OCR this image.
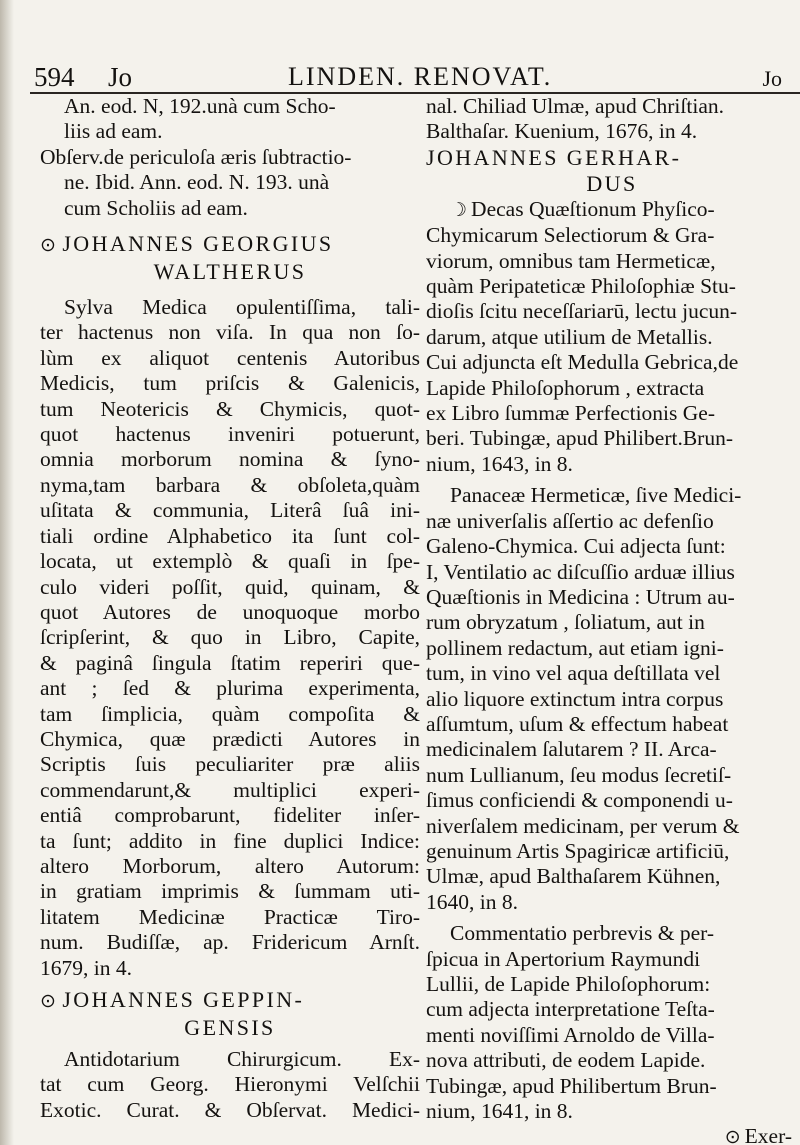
594 Jo	LINDEN. RENOVAT.	Jo
An. eod. N, 192.unà cum Scho-
liis ad eam.
Obſerv.de periculoſa æris ſubtractio-
ne. Ibid. Ann. eod. N. 193. unà
cum Scholiis ad eam.
⊙ JOHANNES GEORGIUS
WALTHERUS
Sylva Medica opulentiſſima, tali-
ter hactenus non viſa. In qua non ſo-
lùm ex aliquot centenis Autoribus
Medicis, tum priſcis & Galenicis,
tum Neotericis & Chymicis, quot-
quot hactenus inveniri potuerunt,
omnia morborum nomina & ſyno-
nyma,tam barbara & obſoleta,quàm
uſitata & communia, Literâ ſuâ ini-
tiali ordine Alphabetico ita ſunt col-
locata, ut extemplò & quaſi in ſpe-
culo videri poſſit, quid, quinam, &
quot Autores de unoquoque morbo
ſcripſerint, & quo in Libro, Capite,
& paginâ ſingula ſtatim reperiri que-
ant ; ſed & plurima experimenta,
tam ſimplicia, quàm compoſita &
Chymica, quæ prædicti Autores in
Scriptis ſuis peculiariter præ aliis
commendarunt,& multiplici experi-
entiâ comprobarunt, fideliter inſer-
ta ſunt; addito in fine duplici Indice:
altero Morborum, altero Autorum:
in gratiam imprimis & ſummam uti-
litatem Medicinæ Practicæ Tiro-
num. Budiſſæ, ap. Fridericum Arnſt.
1679, in 4.
⊙ JOHANNES GEPPIN-
GENSIS
Antidotarium Chirurgicum. Ex-
tat cum Georg. Hieronymi Velſchii
Exotic. Curat. & Obſervat. Medici-
nal. Chiliad Ulmæ, apud Chriſtian.
Balthaſar. Kuenium, 1676, in 4.
JOHANNES GERHAR-
DUS
☽ Decas Quæſtionum Phyſico-
Chymicarum Selectiorum & Gra-
viorum, omnibus tam Hermeticæ,
quàm Peripateticæ Philoſophiæ Stu-
dioſis ſcitu neceſſariarū, lectu jucun-
darum, atque utilium de Metallis.
Cui adjuncta eſt Medulla Gebrica,de
Lapide Philoſophorum , extracta
ex Libro ſummæ Perfectionis Ge-
beri. Tubingæ, apud Philibert.Brun-
nium, 1643, in 8.
Panaceæ Hermeticæ, ſive Medici-
næ univerſalis aſſertio ac defenſio
Galeno-Chymica. Cui adjecta ſunt:
I, Ventilatio ac diſcuſſio arduæ illius
Quæſtionis in Medicina : Utrum au-
rum obryzatum , ſoliatum, aut in
pollinem redactum, aut etiam igni-
tum, in vino vel aqua deſtillata vel
alio liquore extinctum intra corpus
aſſumtum, uſum & effectum habeat
medicinalem ſalutarem ? II. Arca-
num Lullianum, ſeu modus ſecretiſ-
ſimus conficiendi & componendi u-
niverſalem medicinam, per verum &
genuinum Artis Spagiricæ artificiū,
Ulmæ, apud Balthaſarem Kühnen,
1640, in 8.
Commentatio perbrevis & per-
ſpicua in Apertorium Raymundi
Lullii, de Lapide Philoſophorum:
cum adjecta interpretatione Teſta-
menti noviſſimi Arnoldo de Villa-
nova attributi, de eodem Lapide.
Tubingæ, apud Philibertum Brun-
nium, 1641, in 8.
⊙ Exer-
